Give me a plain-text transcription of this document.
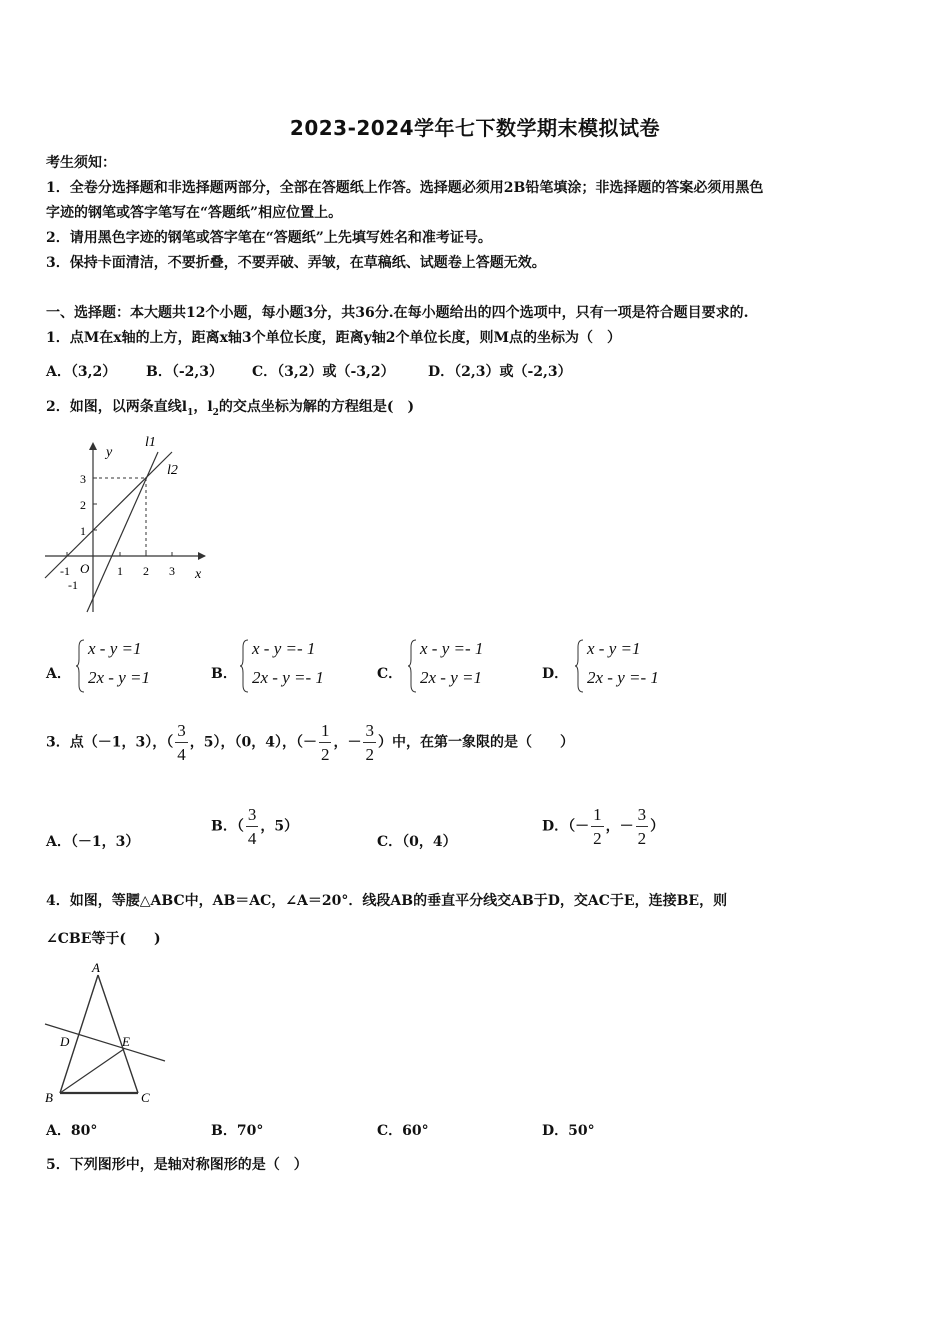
2023-2024学年七下数学期末模拟试卷
考生须知：
1．全卷分选择题和非选择题两部分，全部在答题纸上作答。选择题必须用2B铅笔填涂；非选择题的答案必须用黑色
字迹的钢笔或答字笔写在“答题纸”相应位置上。
2．请用黑色字迹的钢笔或答字笔在“答题纸”上先填写姓名和准考证号。
3．保持卡面清洁，不要折叠，不要弄破、弄皱，在草稿纸、试题卷上答题无效。
一、选择题：本大题共12个小题，每小题3分，共36分.在每小题给出的四个选项中，只有一项是符合题目要求的.
1．点M在x轴的上方，距离x轴3个单位长度，距离y轴2个单位长度，则M点的坐标为（　）
A．（3,2） B．（-2,3） C．（3,2）或（-3,2） D．（2,3）或（-2,3）
2．如图，以两条直线$l_1$，$l_2$的交点坐标为解的方程组是(　)
y
x
l1
l2
3
2
1
-1
-1	1 2 3
O
A．
x - y =1
2x - y =1	B．
x - y =- 1
2x - y =- 1	C．
x - y =- 1
2x - y =1	D．
x - y =1
2x - y =- 1
3．点（－1，3），（ $\frac{3}{4}$ ，5），（0，4），（－ $\frac{1}{2}$ ，－ $\frac{3}{2}$ ）中，在第一象限的是（　　）
A．（－1，3）
B．（ $\frac{3}{4}$ ，5）
C．（0，4）
D．（－ $\frac{1}{2}$ ，－ $\frac{3}{2}$ ）
4．如图，等腰△ABC中，AB＝AC，∠A＝20°．线段AB的垂直平分线交AB于D，交AC于E，连接BE，则
∠CBE等于(　　)
A
B	C
D	E
A．80°	B．70°	C．60°	D．50°
5．下列图形中，是轴对称图形的是（　）
